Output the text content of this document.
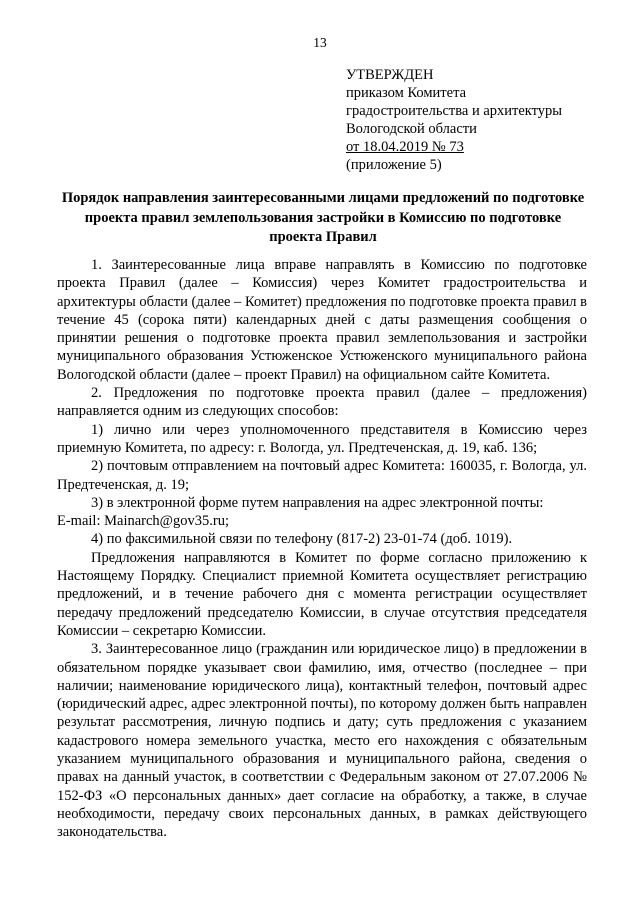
13
УТВЕРЖДЕН
приказом Комитета
градостроительства и архитектуры
Вологодской области
от 18.04.2019 № 73
(приложение 5)
Порядок направления заинтересованными лицами предложений по подготовке проекта правил землепользования застройки в Комиссию по подготовке проекта Правил

1. Заинтересованные лица вправе направлять в Комиссию по подготовке проекта Правил (далее – Комиссия) через Комитет градостроительства и архитектуры области (далее – Комитет) предложения по подготовке проекта правил в течение 45 (сорока пяти) календарных дней с даты размещения сообщения о принятии решения о подготовке проекта правил землепользования и застройки муниципального образования Устюженское Устюженского муниципального района Вологодской области (далее – проект Правил) на официальном сайте Комитета.

2. Предложения по подготовке проекта правил (далее – предложения) направляется одним из следующих способов:

1) лично или через уполномоченного представителя в Комиссию через приемную Комитета, по адресу: г. Вологда, ул. Предтеченская, д. 19, каб. 136;

2) почтовым отправлением на почтовый адрес Комитета: 160035, г. Вологда, ул. Предтеченская, д. 19;

3) в электронной форме путем направления на адрес электронной почты:

E-mail: Mainarch@gov35.ru;

4) по факсимильной связи по телефону (817-2) 23-01-74 (доб. 1019).

Предложения направляются в Комитет по форме согласно приложению к Настоящему Порядку. Специалист приемной Комитета осуществляет регистрацию предложений, и в течение рабочего дня с момента регистрации осуществляет передачу предложений председателю Комиссии, в случае отсутствия председателя Комиссии – секретарю Комиссии.

3. Заинтересованное лицо (гражданин или юридическое лицо) в предложении в обязательном порядке указывает свои фамилию, имя, отчество (последнее – при наличии; наименование юридического лица), контактный телефон, почтовый адрес (юридический адрес, адрес электронной почты), по которому должен быть направлен результат рассмотрения, личную подпись и дату; суть предложения с указанием кадастрового номера земельного участка, место его нахождения с обязательным указанием муниципального образования и муниципального района, сведения о правах на данный участок, в соответствии с Федеральным законом от 27.07.2006 № 152-ФЗ «О персональных данных» дает согласие на обработку, а также, в случае необходимости, передачу своих персональных данных, в рамках действующего законодательства.
